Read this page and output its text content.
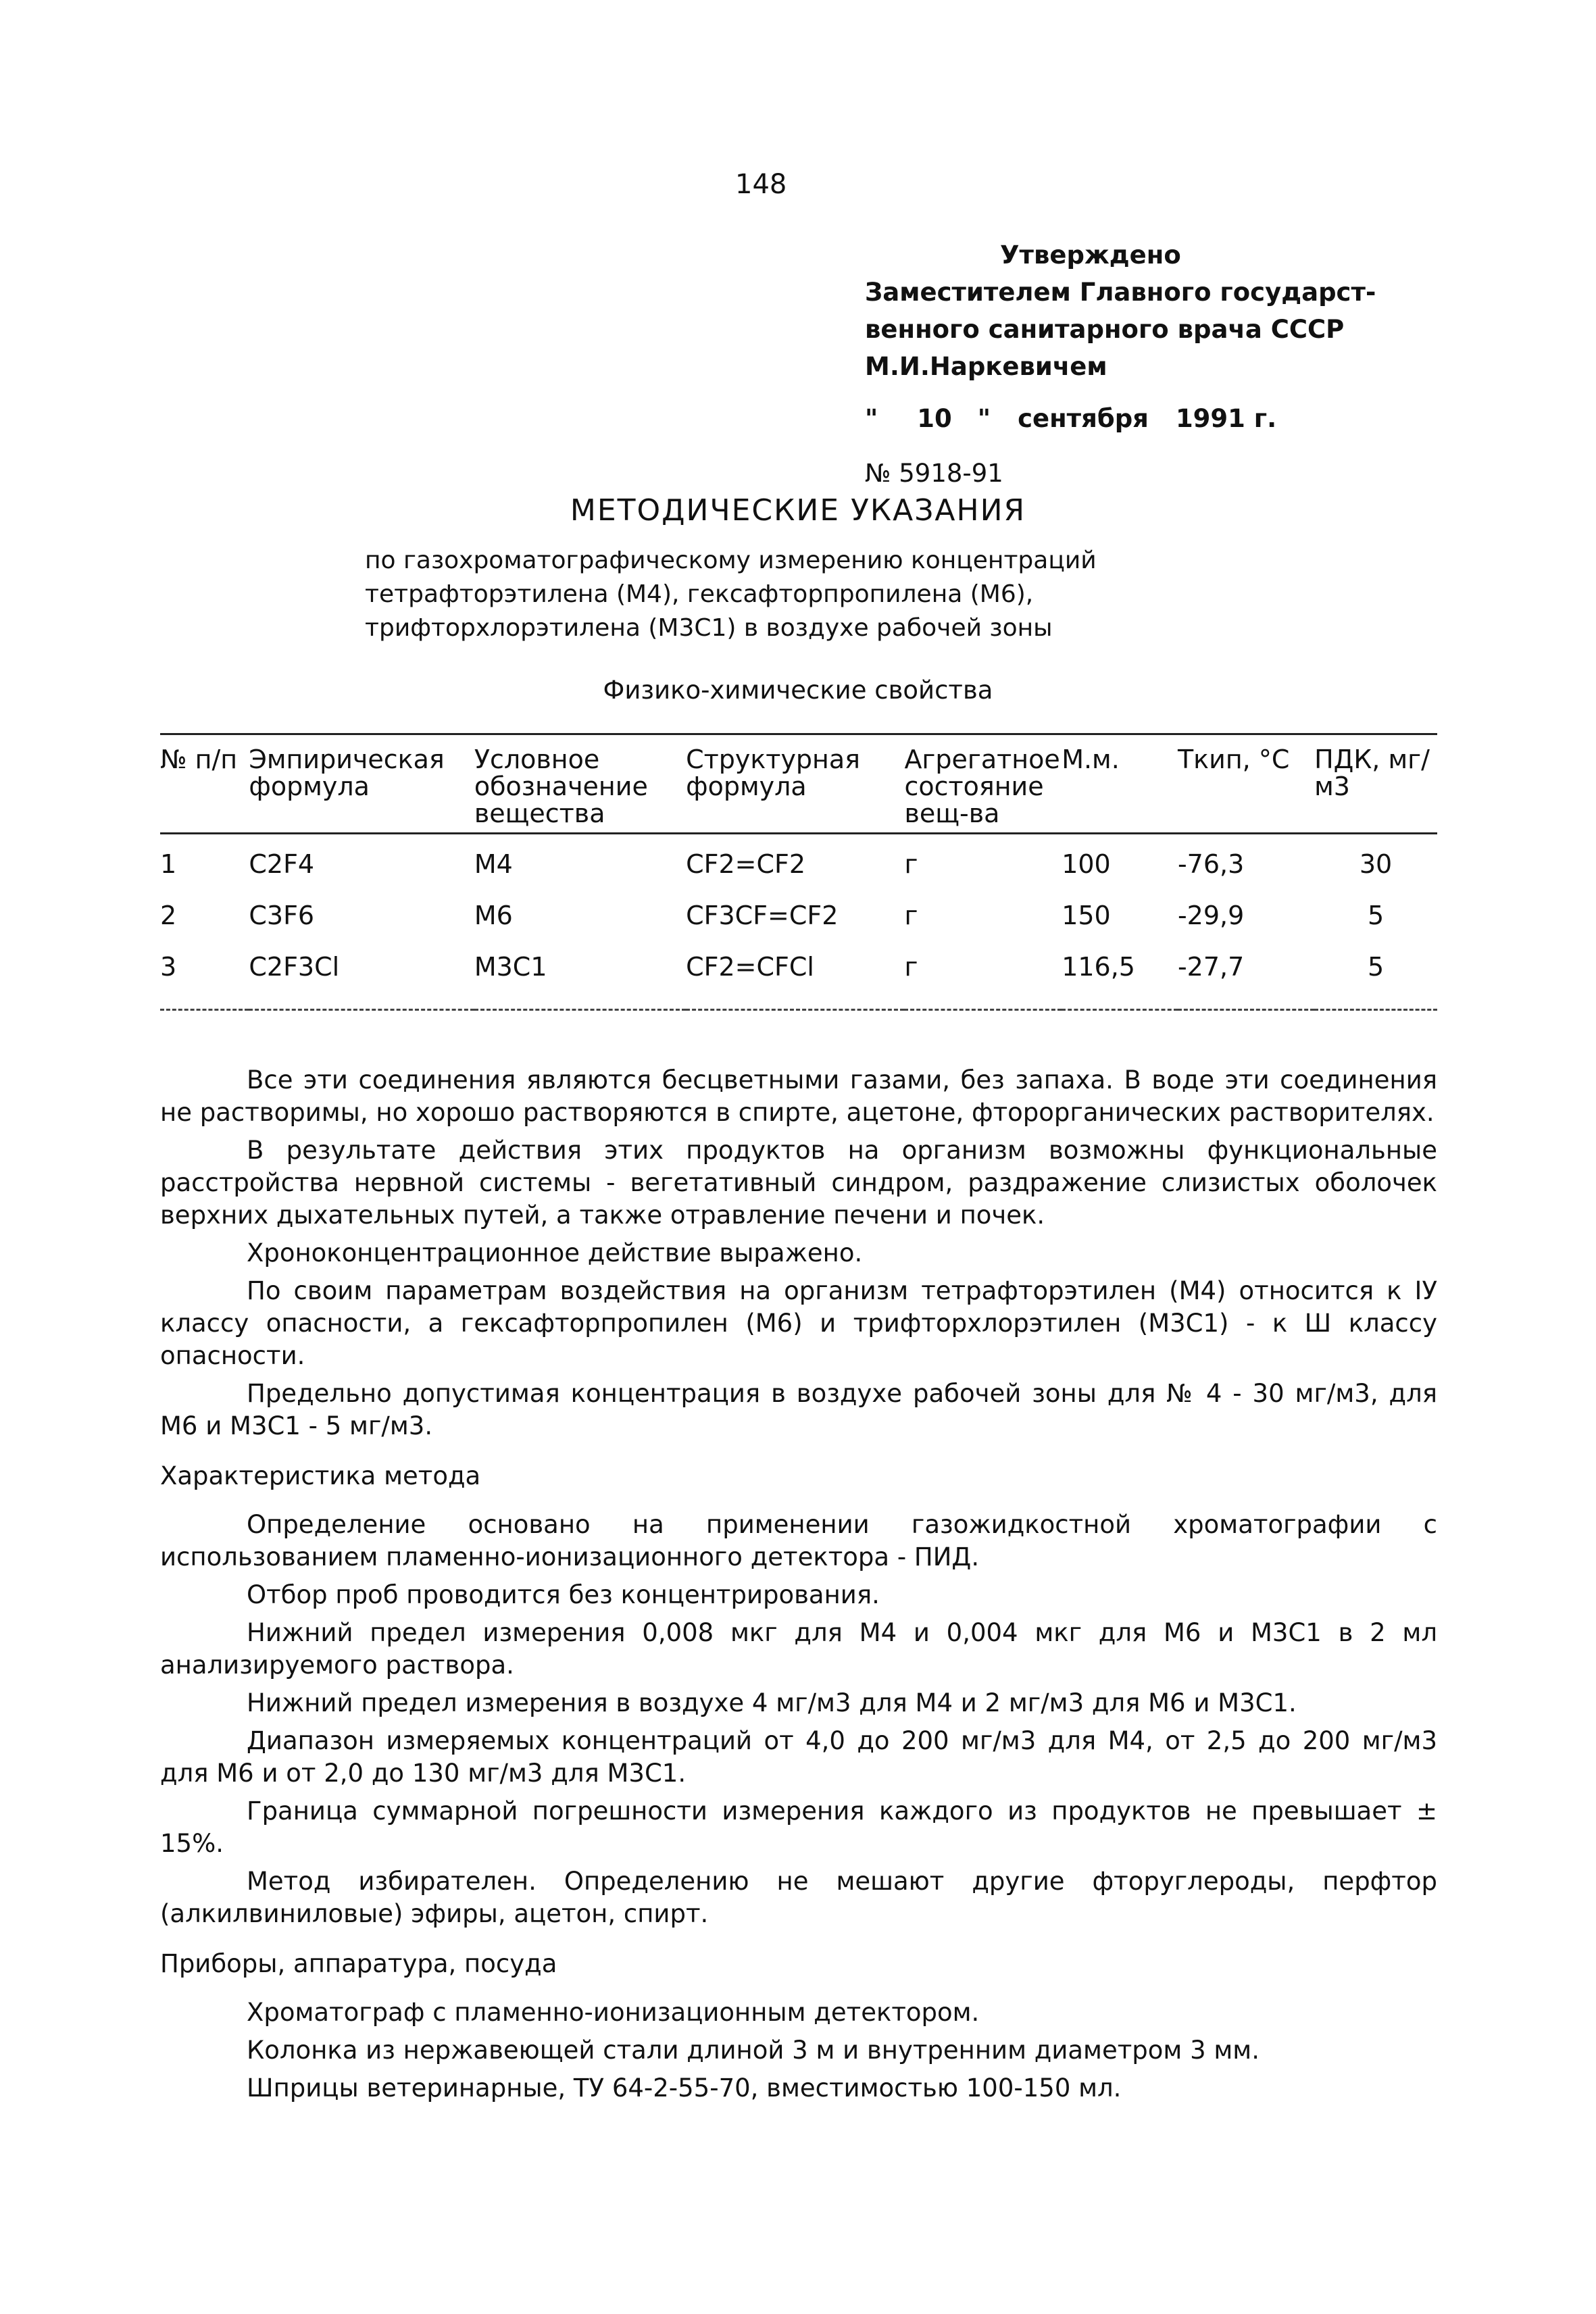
148
Утверждено
Заместителем Главного государст-
венного санитарного врача СССР
М.И.Наркевичем
" 10 " сентября 1991 г.
№ 5918-91
МЕТОДИЧЕСКИЕ УКАЗАНИЯ
по газохроматографическому измерению концентраций тетрафторэтилена (М4), гексафторпропилена (М6), трифторхлорэтилена (М3С1) в воздухе рабочей зоны
Физико-химические свойства
№ п/п	Эмпирическая формула	Условное обозначение вещества	Структурная формула	Агрегатное состояние вещ-ва	М.м.	Ткип, °С	ПДК, мг/м3
1	C2F4	М4	CF2=CF2	г	100	-76,3	30
2	C3F6	М6	CF3CF=CF2	г	150	-29,9	5
3	C2F3Cl	М3С1	CF2=CFCl	г	116,5	-27,7	5

Все эти соединения являются бесцветными газами, без запаха. В воде эти соединения не растворимы, но хорошо растворяются в спирте, ацетоне, фторорганических растворителях.

В результате действия этих продуктов на организм возможны функциональные расстройства нервной системы - вегетативный синдром, раздражение слизистых оболочек верхних дыхательных путей, а также отравление печени и почек.

Хроноконцентрационное действие выражено.

По своим параметрам воздействия на организм тетрафторэтилен (М4) относится к IУ классу опасности, а гексафторпропилен (М6) и трифторхлорэтилен (М3С1) - к Ш классу опасности.

Предельно допустимая концентрация в воздухе рабочей зоны для № 4 - 30 мг/м3, для М6 и М3С1 - 5 мг/м3.

Характеристика метода

Определение основано на применении газожидкостной хроматографии с использованием пламенно-ионизационного детектора - ПИД.

Отбор проб проводится без концентрирования.

Нижний предел измерения 0,008 мкг для М4 и 0,004 мкг для М6 и М3С1 в 2 мл анализируемого раствора.

Нижний предел измерения в воздухе 4 мг/м3 для М4 и 2 мг/м3 для М6 и М3С1.

Диапазон измеряемых концентраций от 4,0 до 200 мг/м3 для М4, от 2,5 до 200 мг/м3 для М6 и от 2,0 до 130 мг/м3 для М3С1.

Граница суммарной погрешности измерения каждого из продуктов не превышает ± 15%.

Метод избирателен. Определению не мешают другие фторуглероды, перфтор (алкилвиниловые) эфиры, ацетон, спирт.

Приборы, аппаратура, посуда

Хроматограф с пламенно-ионизационным детектором.

Колонка из нержавеющей стали длиной 3 м и внутренним диаметром 3 мм.

Шприцы ветеринарные, ТУ 64-2-55-70, вместимостью 100-150 мл.
